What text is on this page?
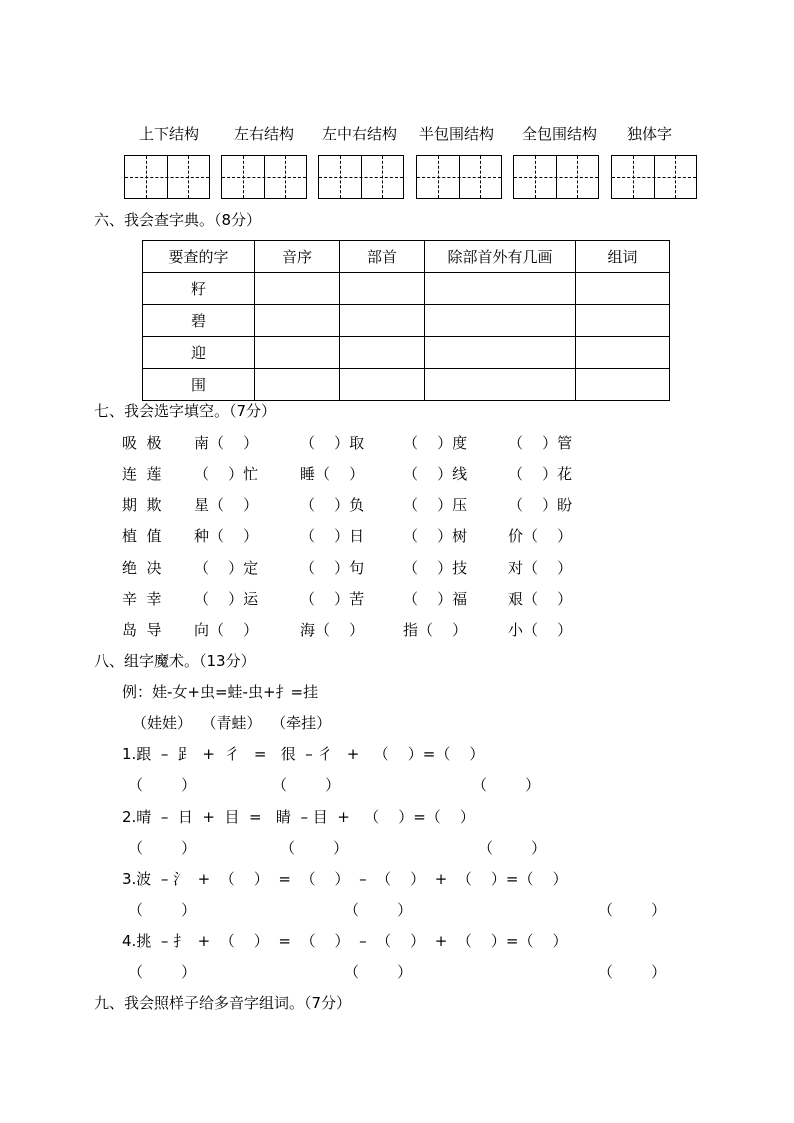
上下结构 左右结构 左中右结构 半包围结构 全包围结构 独体字
六、我会查字典。（8分）
要查的字	音序	部首	除部首外有几画	组词
籽				
碧				
迎				
围				
七、我会选字填空。（7分）
吸  极 南（    ）	（    ）取	（    ）度	（    ）管
连  莲 （    ）忙	睡（    ）	（    ）线	（    ）花
期  欺 星（    ）	（    ）负	（    ）压	（    ）盼
植  值 种（    ）	（    ）日	（    ）树	价（    ）
绝  决 （    ）定	（    ）句	（    ）技	对（    ）
辛  幸 （    ）运	（    ）苦	（    ）福	艰（    ）
岛  导 向（    ）	海（    ）	指（    ）	小（    ）
八、组字魔术。（13分）
例：娃-女+虫=蛙-虫+扌=挂
（娃娃）  （青蛙）  （牵挂）
1.跟  –  𧾷  +  彳   =   很  – 彳   +   （    ）=（    ）
（        ）	（        ）	（        ）
2.晴  –  日  +  目  =   睛  – 目  +   （    ）=（    ）
（        ）	（        ）	（        ）
3.波  – 氵  +  （    ）  =  （    ）  –  （    ）  +  （    ）=（    ）
（        ）	（        ）	（        ）
4.挑  – 扌  +  （    ）  =  （    ）  –  （    ）  +  （    ）=（    ）
（        ）	（        ）	（        ）
九、我会照样子给多音字组词。（7分）
